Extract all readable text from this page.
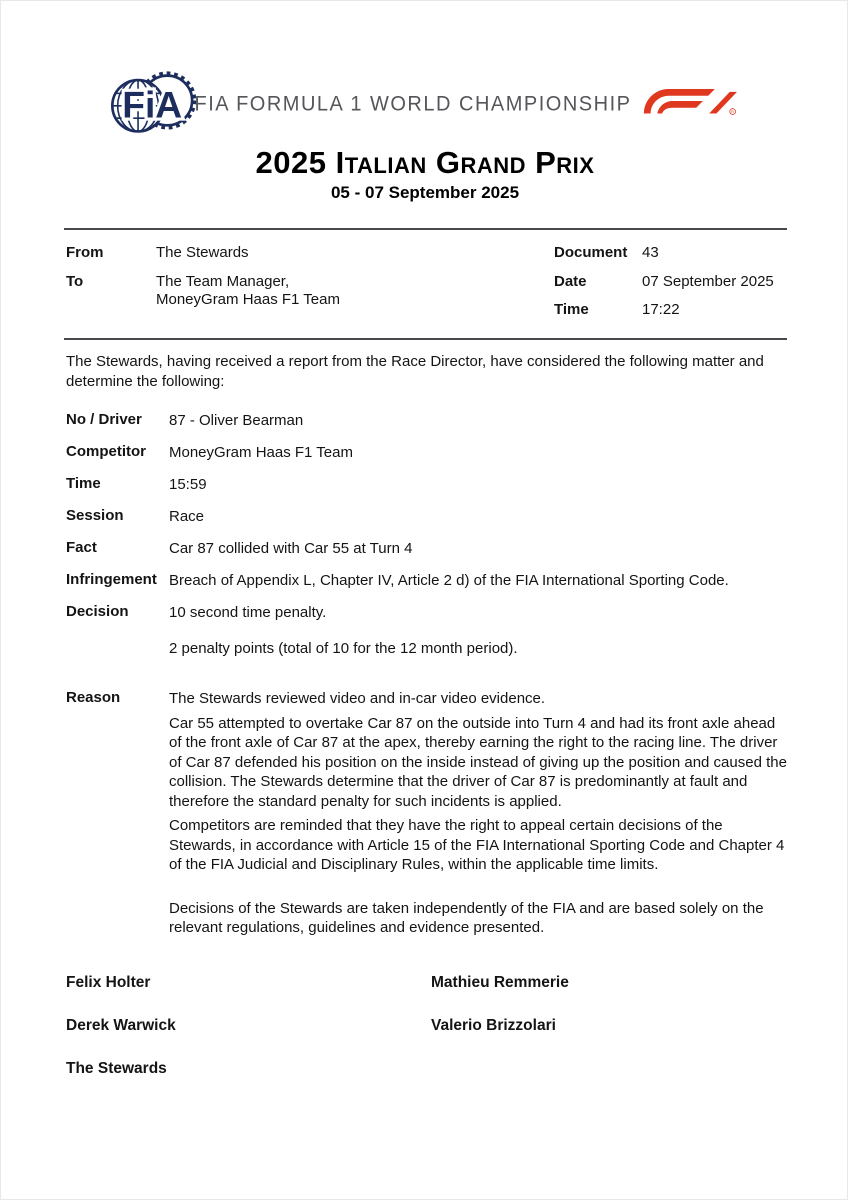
FiA FIA FORMULA 1 WORLD CHAMPIONSHIP	R
2025 Italian Grand Prix
05 - 07 September 2025
From	The Stewards
To	The Team Manager,
MoneyGram Haas F1 Team
Document 43
Date	07 September 2025
Time	17:22
The Stewards, having received a report from the Race Director, have considered the following matter and determine the following:
No / Driver	87 - Oliver Bearman
Competitor	MoneyGram Haas F1 Team
Time	15:59
Session	Race
Fact	Car 87 collided with Car 55 at Turn 4
Infringement Breach of Appendix L, Chapter IV, Article 2 d) of the FIA International Sporting Code.
Decision	10 second time penalty.
2 penalty points (total of 10 for the 12 month period).
Reason	The Stewards reviewed video and in-car video evidence.

Car 55 attempted to overtake Car 87 on the outside into Turn 4 and had its front axle ahead of the front axle of Car 87 at the apex, thereby earning the right to the racing line. The driver of Car 87 defended his position on the inside instead of giving up the position and caused the collision. The Stewards determine that the driver of Car 87 is predominantly at fault and therefore the standard penalty for such incidents is applied.

Competitors are reminded that they have the right to appeal certain decisions of the Stewards, in accordance with Article 15 of the FIA International Sporting Code and Chapter 4 of the FIA Judicial and Disciplinary Rules, within the applicable time limits.

Decisions of the Stewards are taken independently of the FIA and are based solely on the relevant regulations, guidelines and evidence presented.

Felix Holter	Mathieu Remmerie
Derek Warwick	Valerio Brizzolari
The Stewards
